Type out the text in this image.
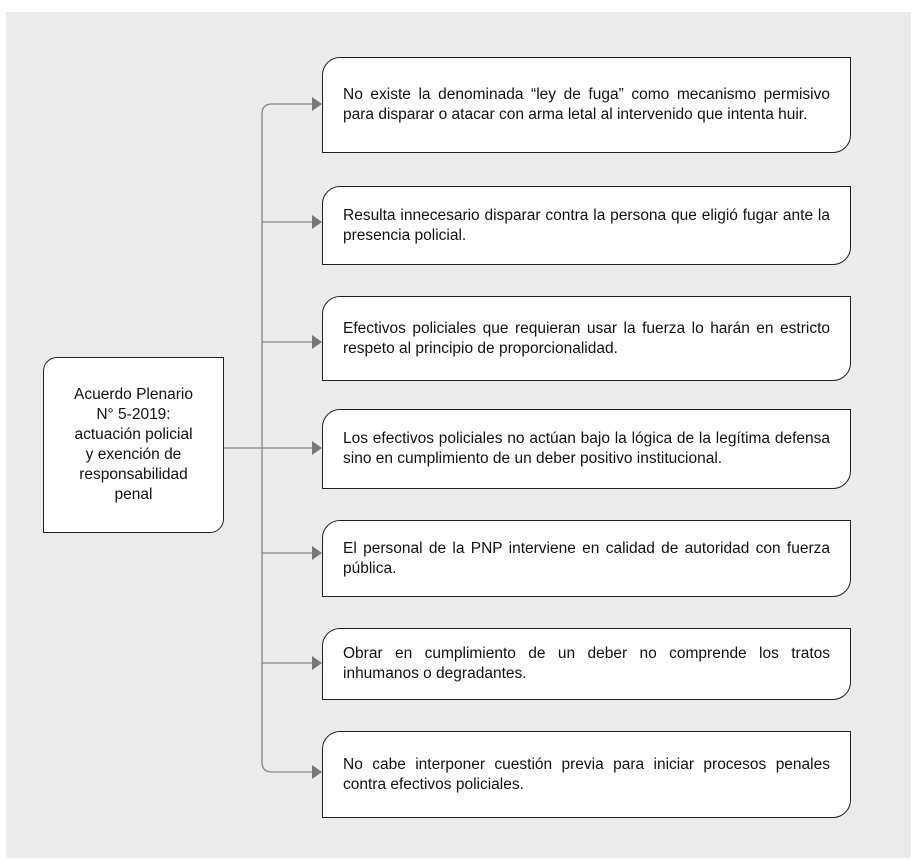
Acuerdo Plenario
N° 5-2019:
actuación policial
y exención de
responsabilidad
penal
No existe la denominada “ley de fuga” como mecanismo permisivo para disparar o atacar con arma letal al intervenido que intenta huir.
Resulta innecesario disparar contra la persona que eligió fugar ante la presencia policial.
Efectivos policiales que requieran usar la fuerza lo harán en estricto respeto al principio de proporcionalidad.
Los efectivos policiales no actúan bajo la lógica de la legítima defensa sino en cumplimiento de un deber positivo institucional.
El personal de la PNP interviene en calidad de autoridad con fuerza pública.
Obrar en cumplimiento de un deber no comprende los tratos inhumanos o degradantes.
No cabe interponer cuestión previa para iniciar procesos penales contra efectivos policiales.
